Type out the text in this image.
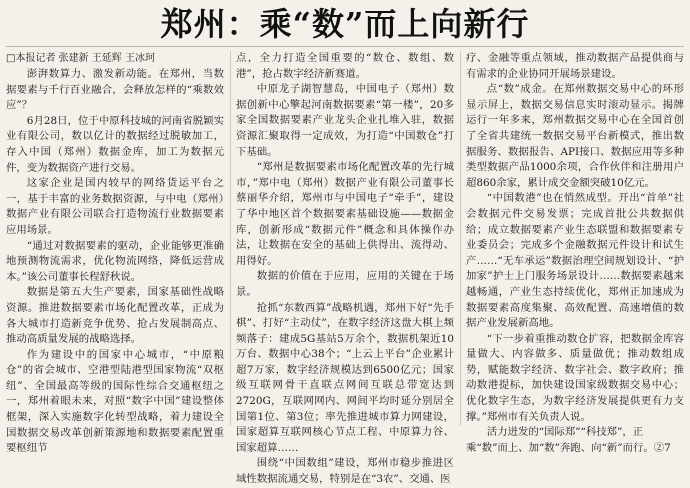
郑州：乘“数”而上向新行
□本报记者 张建新 王延辉 王冰珂

澎湃数算力、激发新动能。在郑州，当数据要素与千行百业融合，会释放怎样的“乘数效应”？

6月28日，位于中原科技城的河南省脱颖实业有限公司，数以亿计的数据经过脱敏加工，存入中国（郑州）数据金库，加工为数据元件，变为数据资产进行交易。

这家企业是国内较早的网络货运平台之一，基于丰富的业务数据资源，与中电（郑州）数据产业有限公司联合打造物流行业数据要素应用场景。

“通过对数据要素的驱动，企业能够更准确地预测物流需求，优化物流网络，降低运营成本。”该公司董事长程舒秋说。

数据是第五大生产要素，国家基础性战略资源。推进数据要素市场化配置改革，正成为各大城市打造新竞争优势、抢占发展制高点、推动高质量发展的战略选择。

作为建设中的国家中心城市，“中原粮仓”的省会城市、空港型陆港型国家物流“双枢纽”、全国最高等级的国际性综合交通枢纽之一，郑州着眼未来，对照“数字中国”建设整体框架，深入实施数字化转型战略，着力建设全国数据交易改革创新策源地和数据要素配置重要枢纽节

点，全力打造全国重要的“数仓、数组、数港”，抢占数字经济新赛道。

中原龙子湖智慧岛，中国电子（郑州）数据创新中心擎起河南数据要素“第一楼”，20多家全国数据要素产业龙头企业扎堆入驻，数据资源汇聚取得一定成效，为打造“中国数仓”打下基础。

“郑州是数据要素市场化配置改革的先行城市，”郑中电（郑州）数据产业有限公司董事长蔡丽华介绍，郑州市与中国电子“牵手”，建设了华中地区首个数据要素基础设施——数据金库，创新形成“数据元件”概念和具体操作办法，让数据在安全的基础上供得出、流得动、用得好。

数据的价值在于应用，应用的关键在于场景。

抢抓“东数西算”战略机遇，郑州下好“先手棋”、打好“主动仗”，在数字经济这盘大棋上频频落子：建成5G基站5万余个，数据机架近10万台、数据中心38个；“上云上平台”企业累计超7万家，数字经济规模达到6500亿元；国家级互联网骨干直联点网间互联总带宽达到2720G，互联网网内、网间平均时延分别居全国第1位、第3位；率先推进城市算力网建设，国家超算互联网核心节点工程、中原算力谷、国家超算……

围绕“中国数组”建设，郑州市稳步推进区域性数据流通交易，特别是在“3农”、交通、医

疗、金融等重点领域，推动数据产品提供商与有需求的企业协同开展场景建设。

点“数”成金。在郑州数据交易中心的环形显示屏上，数据交易信息实时滚动显示。揭牌运行一年多来，郑州数据交易中心在全国首创了全省共建统一数据交易平台新模式，推出数据服务、数据报告、API接口、数据应用等多种类型数据产品1000余项，合作伙伴和注册用户超860余家，累计成交金额突破10亿元。

“中国数港”也在悄然成型。开出“首单”社会数据元件交易发票；完成首批公共数据供给；成立数据要素产业生态联盟和数据要素专业委员会；完成多个金融数据元件设计和试生产……“无车承运”数据治理空间规划设计、“护加家”护士上门服务场景设计……数据要素越来越畅通，产业生态持续优化，郑州正加速成为数据要素高度集聚、高效配置、高速增值的数据产业发展新高地。

“下一步着重推动数仓扩容，把数据金库容量做大、内容做多、质量做优；推动数组成势，赋能数字经济、数字社会、数字政府；推动数港提标，加快建设国家级数据交易中心；优化数字生态，为数字经济发展提供更有力支撑。”郑州市有关负责人说。

活力迸发的“国际郑”“科技郑”，正乘“数”而上、加“数”奔跑、向“新”而行。②7
